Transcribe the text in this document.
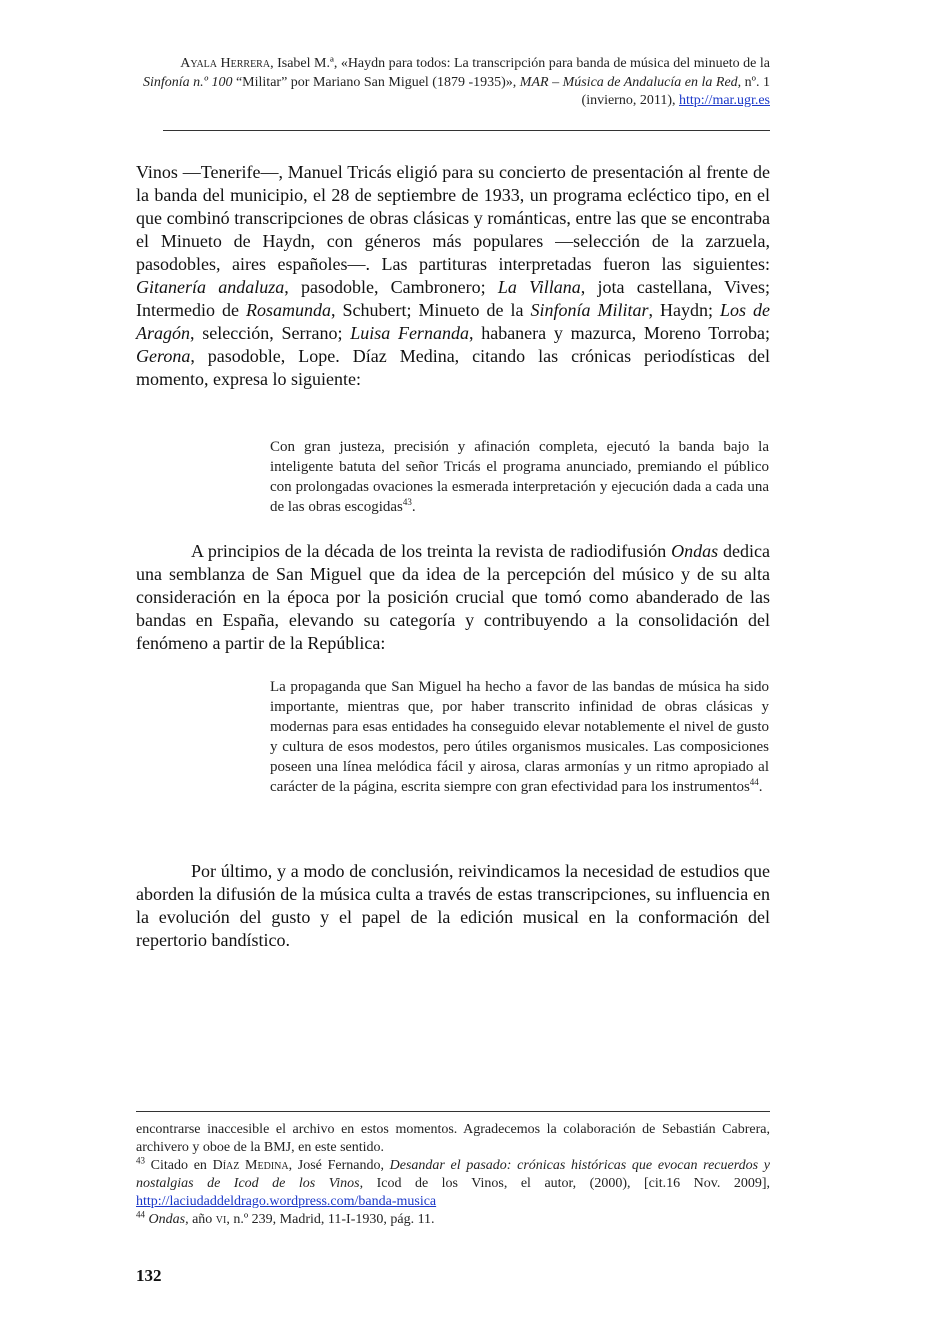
Ayala Herrera, Isabel M.ª, «Haydn para todos: La transcripción para banda de música del minueto de la Sinfonía n.º 100 “Militar” por Mariano San Miguel (1879 -1935)», MAR – Música de Andalucía en la Red, nº. 1 (invierno, 2011), http://mar.ugr.es

Vinos —Tenerife—, Manuel Tricás eligió para su concierto de presentación al frente de la banda del municipio, el 28 de septiembre de 1933, un programa ecléctico tipo, en el que combinó transcripciones de obras clásicas y románticas, entre las que se encontraba el Minueto de Haydn, con géneros más populares —selección de la zarzuela, pasodobles, aires españoles—. Las partituras interpretadas fueron las siguientes: Gitanería andaluza, pasodoble, Cambronero; La Villana, jota castellana, Vives; Intermedio de Rosamunda, Schubert; Minueto de la Sinfonía Militar, Haydn; Los de Aragón, selección, Serrano; Luisa Fernanda, habanera y mazurca, Moreno Torroba; Gerona, pasodoble, Lope. Díaz Medina, citando las crónicas periodísticas del momento, expresa lo siguiente:

Con gran justeza, precisión y afinación completa, ejecutó la banda bajo la inteligente batuta del señor Tricás el programa anunciado, premiando el público con prolongadas ovaciones la esmerada interpretación y ejecución dada a cada una de las obras escogidas$^{43}$.

A principios de la década de los treinta la revista de radiodifusión Ondas dedica una semblanza de San Miguel que da idea de la percepción del músico y de su alta consideración en la época por la posición crucial que tomó como abanderado de las bandas en España, elevando su categoría y contribuyendo a la consolidación del fenómeno a partir de la República:

La propaganda que San Miguel ha hecho a favor de las bandas de música ha sido importante, mientras que, por haber transcrito infinidad de obras clásicas y modernas para esas entidades ha conseguido elevar notablemente el nivel de gusto y cultura de esos modestos, pero útiles organismos musicales. Las composiciones poseen una línea melódica fácil y airosa, claras armonías y un ritmo apropiado al carácter de la página, escrita siempre con gran efectividad para los instrumentos$^{44}$.

Por último, y a modo de conclusión, reivindicamos la necesidad de estudios que aborden la difusión de la música culta a través de estas transcripciones, su influencia en la evolución del gusto y el papel de la edición musical en la conformación del repertorio bandístico.

encontrarse inaccesible el archivo en estos momentos. Agradecemos la colaboración de Sebastián Cabrera, archivero y oboe de la BMJ, en este sentido.

$^{43}$ Citado en Díaz Medina, José Fernando, Desandar el pasado: crónicas históricas que evocan recuerdos y nostalgias de Icod de los Vinos, Icod de los Vinos, el autor, (2000), [cit.16 Nov. 2009], http://laciudaddeldrago.wordpress.com/banda-musica

$^{44}$ Ondas, año vi, n.º 239, Madrid, 11-I-1930, pág. 11.

132
